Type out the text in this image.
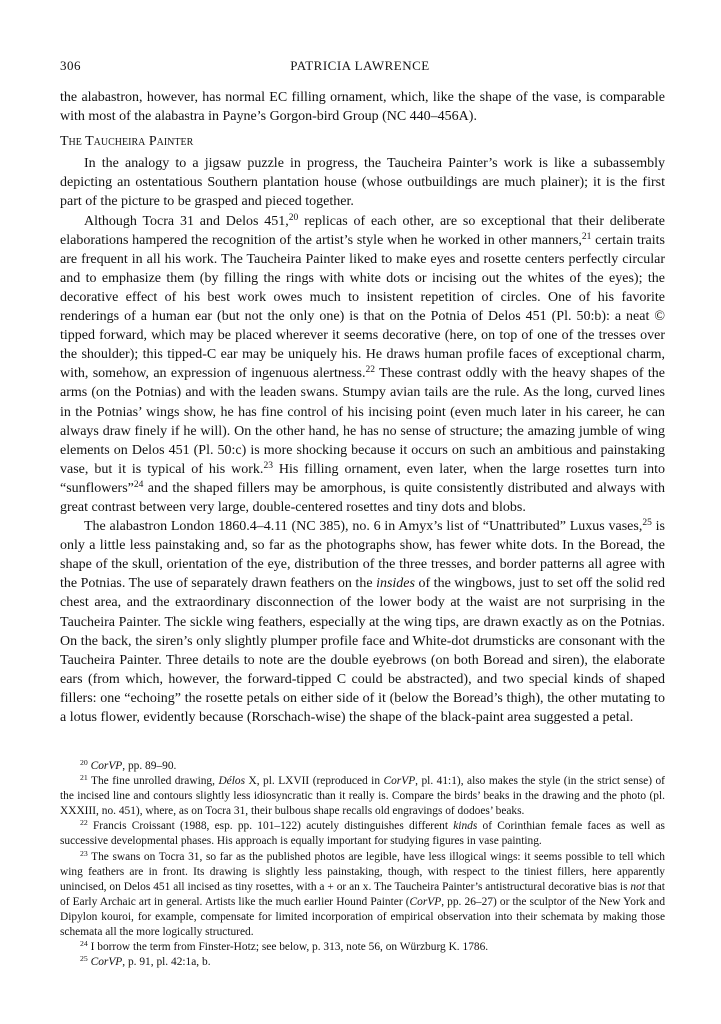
306	PATRICIA LAWRENCE

the alabastron, however, has normal EC filling ornament, which, like the shape of the vase, is comparable with most of the alabastra in Payne’s Gorgon-bird Group (NC 440–456A).

The Taucheira Painter

In the analogy to a jigsaw puzzle in progress, the Taucheira Painter’s work is like a subassembly depicting an ostentatious Southern plantation house (whose outbuildings are much plainer); it is the first part of the picture to be grasped and pieced together.

Although Tocra 31 and Delos 451,20 replicas of each other, are so exceptional that their deliberate elaborations hampered the recognition of the artist’s style when he worked in other manners,$^{21}$ certain traits are frequent in all his work. The Taucheira Painter liked to make eyes and rosette centers perfectly circular and to emphasize them (by filling the rings with white dots or incising out the whites of the eyes); the decorative effect of his best work owes much to insistent repetition of circles. One of his favorite renderings of a human ear (but not the only one) is that on the Potnia of Delos 451 (Pl. 50:b): a neat © tipped forward, which may be placed wherever it seems decorative (here, on top of one of the tresses over the shoulder); this tipped-C ear may be uniquely his. He draws human profile faces of exceptional charm, with, somehow, an expression of ingenuous alertness.$^{22}$ These contrast oddly with the heavy shapes of the arms (on the Potnias) and with the leaden swans. Stumpy avian tails are the rule. As the long, curved lines in the Potnias’ wings show, he has fine control of his incising point (even much later in his career, he can always draw finely if he will). On the other hand, he has no sense of structure; the amazing jumble of wing elements on Delos 451 (Pl. 50:c) is more shocking because it occurs on such an ambitious and painstaking vase, but it is typical of his work.$^{23}$ His filling ornament, even later, when the large rosettes turn into “sunflowers”$^{24}$ and the shaped fillers may be amorphous, is quite consistently distributed and always with great contrast between very large, double-centered rosettes and tiny dots and blobs.

The alabastron London 1860.4–4.11 (NC 385), no. 6 in Amyx’s list of “Unattributed” Luxus vases,$^{25}$ is only a little less painstaking and, so far as the photographs show, has fewer white dots. In the Boread, the shape of the skull, orientation of the eye, distribution of the three tresses, and border patterns all agree with the Potnias. The use of separately drawn feathers on the insides of the wingbows, just to set off the solid red chest area, and the extraordinary disconnection of the lower body at the waist are not surprising in the Taucheira Painter. The sickle wing feathers, especially at the wing tips, are drawn exactly as on the Potnias. On the back, the siren’s only slightly plumper profile face and White-dot drumsticks are consonant with the Taucheira Painter. Three details to note are the double eyebrows (on both Boread and siren), the elaborate ears (from which, however, the forward-tipped C could be abstracted), and two special kinds of shaped fillers: one “echoing” the rosette petals on either side of it (below the Boread’s thigh), the other mutating to a lotus flower, evidently because (Rorschach-wise) the shape of the black-paint area suggested a petal.

$^{20}$ CorVP, pp. 89–90.

$^{21}$ The fine unrolled drawing, Délos X, pl. LXVII (reproduced in CorVP, pl. 41:1), also makes the style (in the strict sense) of the incised line and contours slightly less idiosyncratic than it really is. Compare the birds’ beaks in the drawing and the photo (pl. XXXIII, no. 451), where, as on Tocra 31, their bulbous shape recalls old engravings of dodoes’ beaks.

$^{22}$ Francis Croissant (1988, esp. pp. 101–122) acutely distinguishes different kinds of Corinthian female faces as well as successive developmental phases. His approach is equally important for studying figures in vase painting.

$^{23}$ The swans on Tocra 31, so far as the published photos are legible, have less illogical wings: it seems possible to tell which wing feathers are in front. Its drawing is slightly less painstaking, though, with respect to the tiniest fillers, here apparently unincised, on Delos 451 all incised as tiny rosettes, with a + or an x. The Taucheira Painter’s antistructural decorative bias is not that of Early Archaic art in general. Artists like the much earlier Hound Painter (CorVP, pp. 26–27) or the sculptor of the New York and Dipylon kouroi, for example, compensate for limited incorporation of empirical observation into their schemata by making those schemata all the more logically structured.

$^{24}$ I borrow the term from Finster-Hotz; see below, p. 313, note 56, on Würzburg K. 1786.

$^{25}$ CorVP, p. 91, pl. 42:1a, b.
